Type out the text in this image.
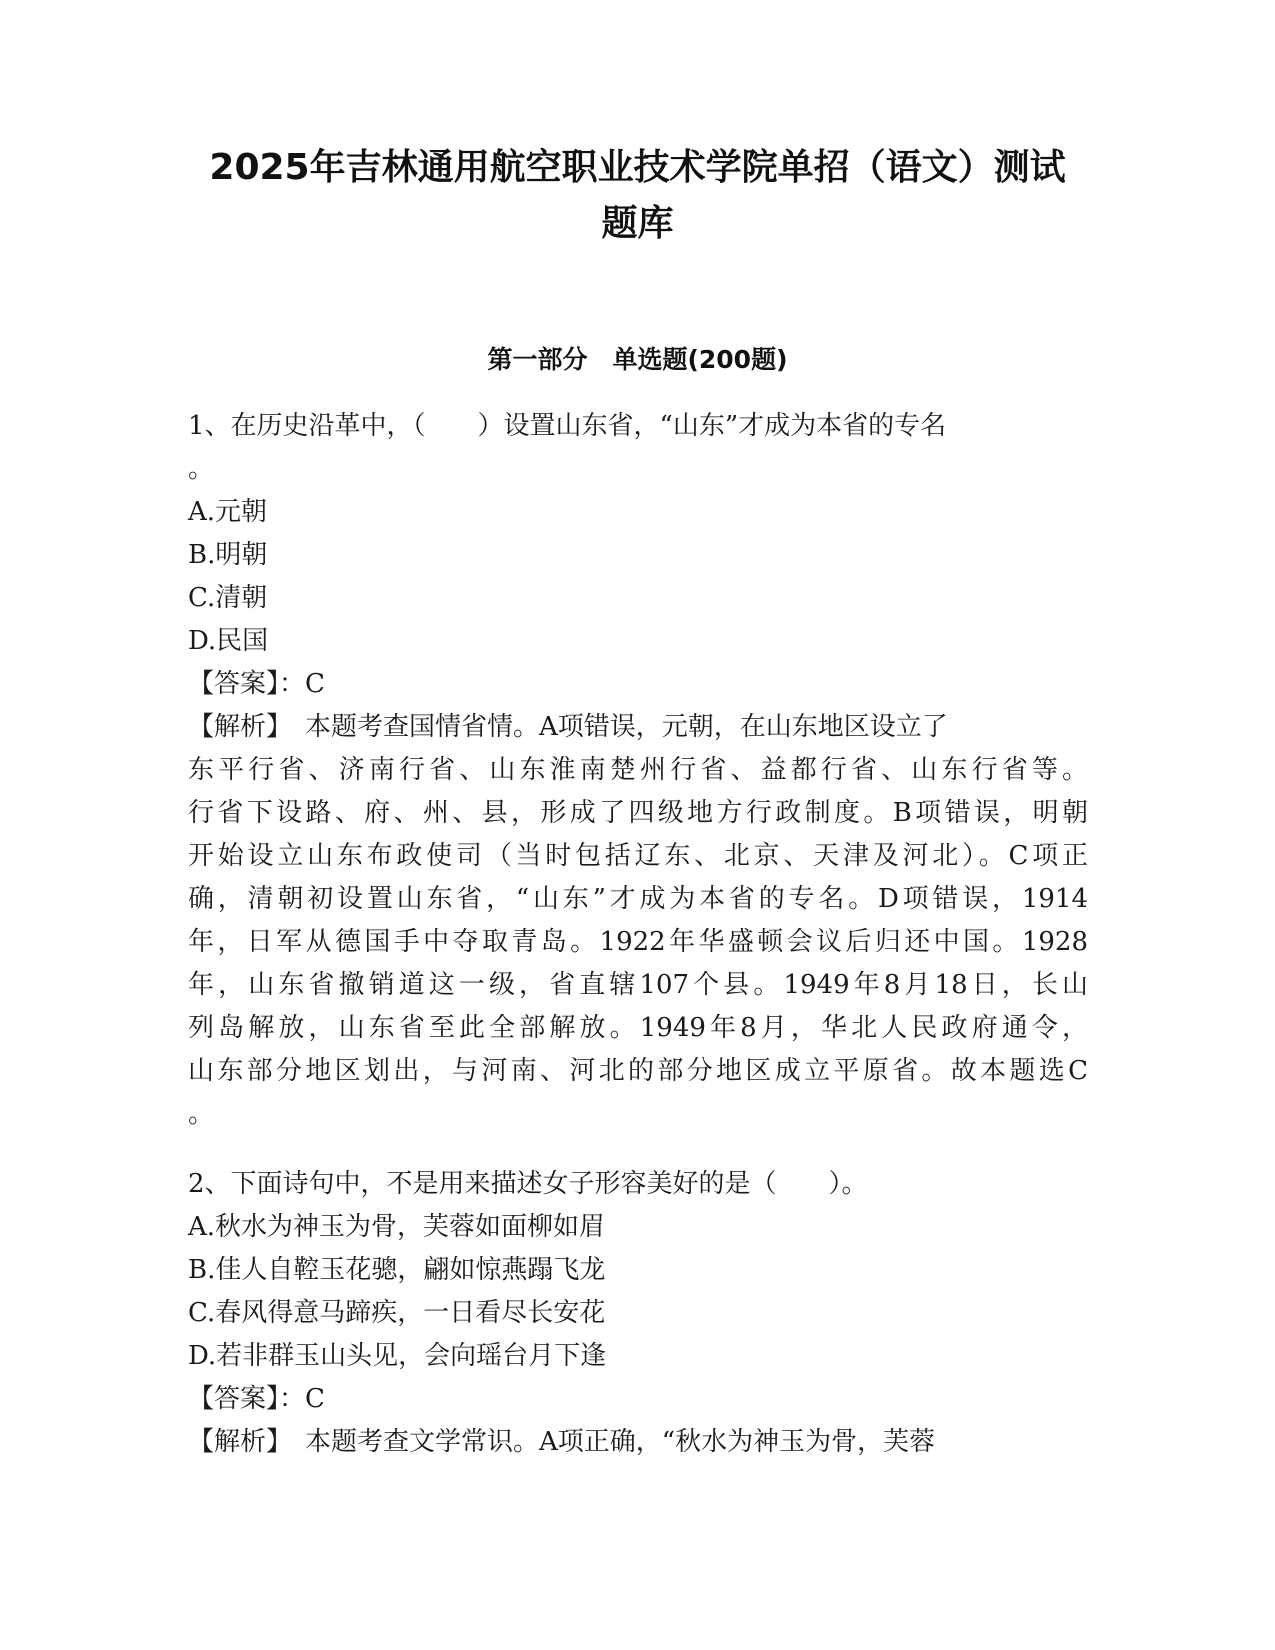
2025年吉林通用航空职业技术学院单招（语文）测试
题库
第一部分　单选题(200题)
1、在历史沿革中，（　　）设置山东省，“山东”才成为本省的专名
。
A.元朝
B.明朝
C.清朝
D.民国
【答案】：C
【解析】　本题考查国情省情。A项错误，元朝，在山东地区设立了
东平行省、济南行省、山东淮南楚州行省、益都行省、山东行省等。
行省下设路、府、州、县，形成了四级地方行政制度。B项错误，明朝
开始设立山东布政使司（当时包括辽东、北京、天津及河北）。C项正
确，清朝初设置山东省，“山东”才成为本省的专名。D项错误，1914
年，日军从德国手中夺取青岛。1922年华盛顿会议后归还中国。1928
年，山东省撤销道这一级，省直辖107个县。1949年8月18日，长山
列岛解放，山东省至此全部解放。1949年8月，华北人民政府通令，
山东部分地区划出，与河南、河北的部分地区成立平原省。故本题选C
。
2、下面诗句中，不是用来描述女子形容美好的是（　　）。
A.秋水为神玉为骨，芙蓉如面柳如眉
B.佳人自鞚玉花骢，翩如惊燕蹋飞龙
C.春风得意马蹄疾，一日看尽长安花
D.若非群玉山头见，会向瑶台月下逢
【答案】：C
【解析】　本题考查文学常识。A项正确，“秋水为神玉为骨，芙蓉
